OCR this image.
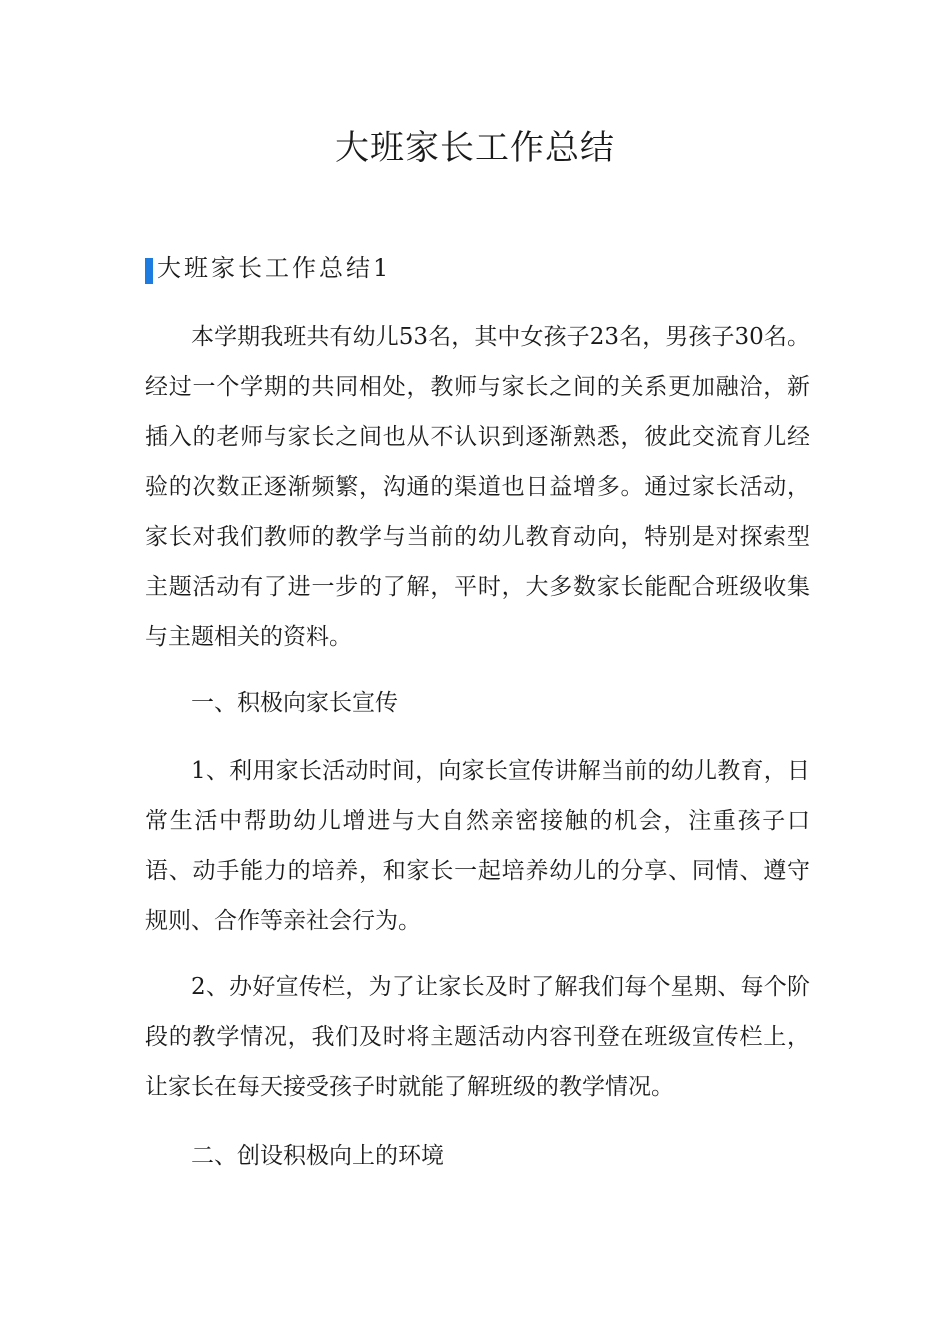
大班家长工作总结
大班家长工作总结1

本学期我班共有幼儿53名，其中女孩子23名，男孩子30名。经过一个学期的共同相处，教师与家长之间的关系更加融洽，新插入的老师与家长之间也从不认识到逐渐熟悉，彼此交流育儿经验的次数正逐渐频繁，沟通的渠道也日益增多。通过家长活动，家长对我们教师的教学与当前的幼儿教育动向，特别是对探索型主题活动有了进一步的了解，平时，大多数家长能配合班级收集与主题相关的资料。

一、积极向家长宣传

1、利用家长活动时间，向家长宣传讲解当前的幼儿教育，日常生活中帮助幼儿增进与大自然亲密接触的机会，注重孩子口语、动手能力的培养，和家长一起培养幼儿的分享、同情、遵守规则、合作等亲社会行为。

2、办好宣传栏，为了让家长及时了解我们每个星期、每个阶段的教学情况，我们及时将主题活动内容刊登在班级宣传栏上，让家长在每天接受孩子时就能了解班级的教学情况。

二、创设积极向上的环境
